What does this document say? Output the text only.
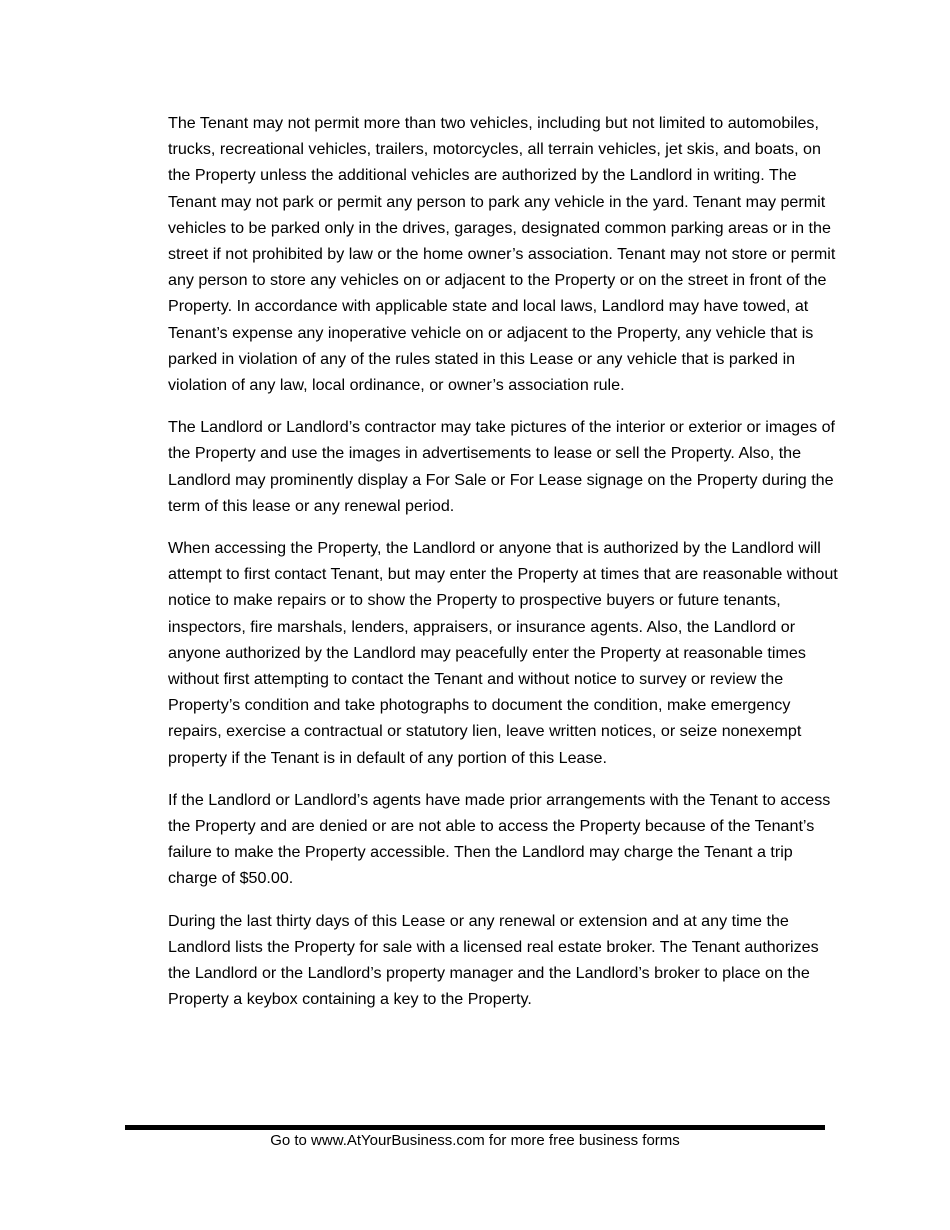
The Tenant may not permit more than two vehicles, including but not limited to automobiles, trucks, recreational vehicles, trailers, motorcycles, all terrain vehicles, jet skis, and boats, on the Property unless the additional vehicles are authorized by the Landlord in writing. The Tenant may not park or permit any person to park any vehicle in the yard. Tenant may permit vehicles to be parked only in the drives, garages, designated common parking areas or in the street if not prohibited by law or the home owner’s association. Tenant may not store or permit any person to store any vehicles on or adjacent to the Property or on the street in front of the Property. In accordance with applicable state and local laws, Landlord may have towed, at Tenant’s expense any inoperative vehicle on or adjacent to the Property, any vehicle that is parked in violation of any of the rules stated in this Lease or any vehicle that is parked in violation of any law, local ordinance, or owner’s association rule.

The Landlord or Landlord’s contractor may take pictures of the interior or exterior or images of the Property and use the images in advertisements to lease or sell the Property. Also, the Landlord may prominently display a For Sale or For Lease signage on the Property during the term of this lease or any renewal period.

When accessing the Property, the Landlord or anyone that is authorized by the Landlord will attempt to first contact Tenant, but may enter the Property at times that are reasonable without notice to make repairs or to show the Property to prospective buyers or future tenants, inspectors, fire marshals, lenders, appraisers, or insurance agents. Also, the Landlord or anyone authorized by the Landlord may peacefully enter the Property at reasonable times without first attempting to contact the Tenant and without notice to survey or review the Property’s condition and take photographs to document the condition, make emergency repairs, exercise a contractual or statutory lien, leave written notices, or seize nonexempt property if the Tenant is in default of any portion of this Lease.

If the Landlord or Landlord’s agents have made prior arrangements with the Tenant to access the Property and are denied or are not able to access the Property because of the Tenant’s failure to make the Property accessible. Then the Landlord may charge the Tenant a trip charge of $50.00.

During the last thirty days of this Lease or any renewal or extension and at any time the Landlord lists the Property for sale with a licensed real estate broker. The Tenant authorizes the Landlord or the Landlord’s property manager and the Landlord’s broker to place on the Property a keybox containing a key to the Property.

Go to www.AtYourBusiness.com for more free business forms
